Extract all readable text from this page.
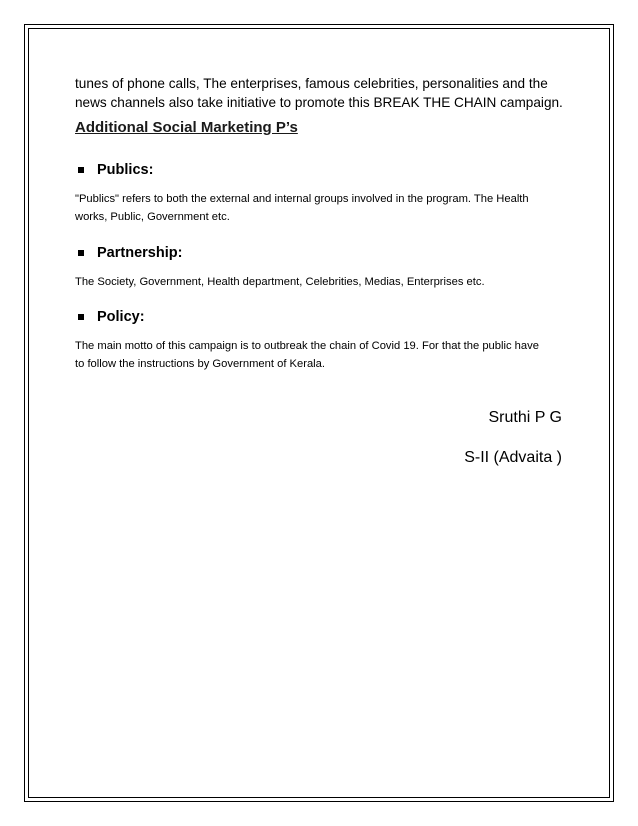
tunes of phone calls, The enterprises, famous celebrities, personalities and the
news channels also take initiative to promote this BREAK THE CHAIN campaign.

Additional Social Marketing P’s

Publics:

"Publics" refers to both the external and internal groups involved in the program. The Health
works, Public, Government etc.

Partnership:

The Society, Government, Health department, Celebrities, Medias, Enterprises etc.

Policy:

The main motto of this campaign is to outbreak the chain of Covid 19. For that the public have
to follow the instructions by Government of Kerala.

Sruthi P G
S-II (Advaita )
